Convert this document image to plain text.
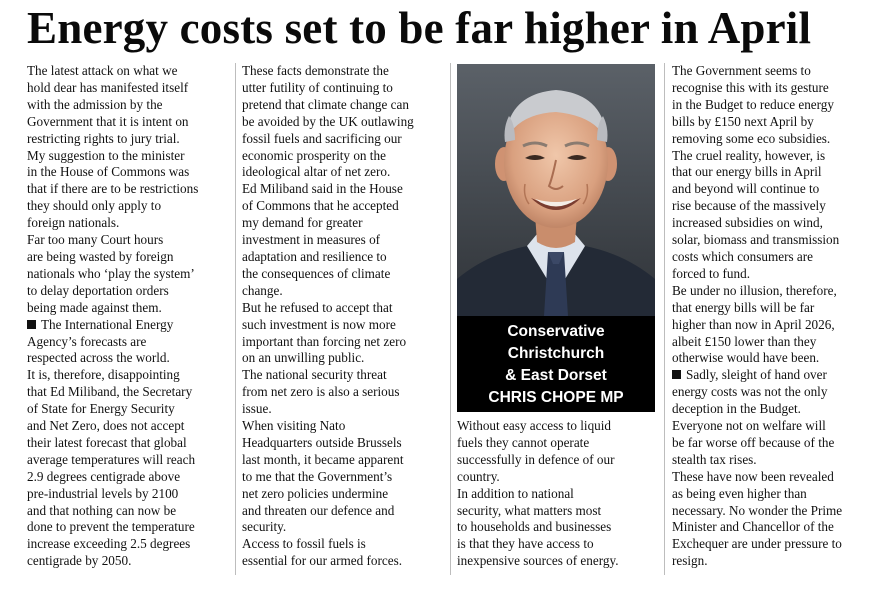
Energy costs set to be far higher in April

The latest attack on what we

hold dear has manifested itself

with the admission by the

Government that it is intent on

restricting rights to jury trial.

My suggestion to the minister

in the House of Commons was

that if there are to be restrictions

they should only apply to

foreign nationals.

Far too many Court hours

are being wasted by foreign

nationals who ‘play the system’

to delay deportation orders

being made against them.

The International Energy

Agency’s forecasts are

respected across the world.

It is, therefore, disappointing

that Ed Miliband, the Secretary

of State for Energy Security

and Net Zero, does not accept

their latest forecast that global

average temperatures will reach

2.9 degrees centigrade above

pre-industrial levels by 2100

and that nothing can now be

done to prevent the temperature

increase exceeding 2.5 degrees

centigrade by 2050.

These facts demonstrate the

utter futility of continuing to

pretend that climate change can

be avoided by the UK outlawing

fossil fuels and sacrificing our

economic prosperity on the

ideological altar of net zero.

Ed Miliband said in the House

of Commons that he accepted

my demand for greater

investment in measures of

adaptation and resilience to

the consequences of climate

change.

But he refused to accept that

such investment is now more

important than forcing net zero

on an unwilling public.

The national security threat

from net zero is also a serious

issue.

When visiting Nato

Headquarters outside Brussels

last month, it became apparent

to me that the Government’s

net zero policies undermine

and threaten our defence and

security.

Access to fossil fuels is

essential for our armed forces.

Conservative
Christchurch
& East Dorset
CHRIS CHOPE MP

Without easy access to liquid

fuels they cannot operate

successfully in defence of our

country.

In addition to national

security, what matters most

to households and businesses

is that they have access to

inexpensive sources of energy.

The Government seems to

recognise this with its gesture

in the Budget to reduce energy

bills by £150 next April by

removing some eco subsidies.

The cruel reality, however, is

that our energy bills in April

and beyond will continue to

rise because of the massively

increased subsidies on wind,

solar, biomass and transmission

costs which consumers are

forced to fund.

Be under no illusion, therefore,

that energy bills will be far

higher than now in April 2026,

albeit £150 lower than they

otherwise would have been.

Sadly, sleight of hand over

energy costs was not the only

deception in the Budget.

Everyone not on welfare will

be far worse off because of the

stealth tax rises.

These have now been revealed

as being even higher than

necessary. No wonder the Prime

Minister and Chancellor of the

Exchequer are under pressure to

resign.
